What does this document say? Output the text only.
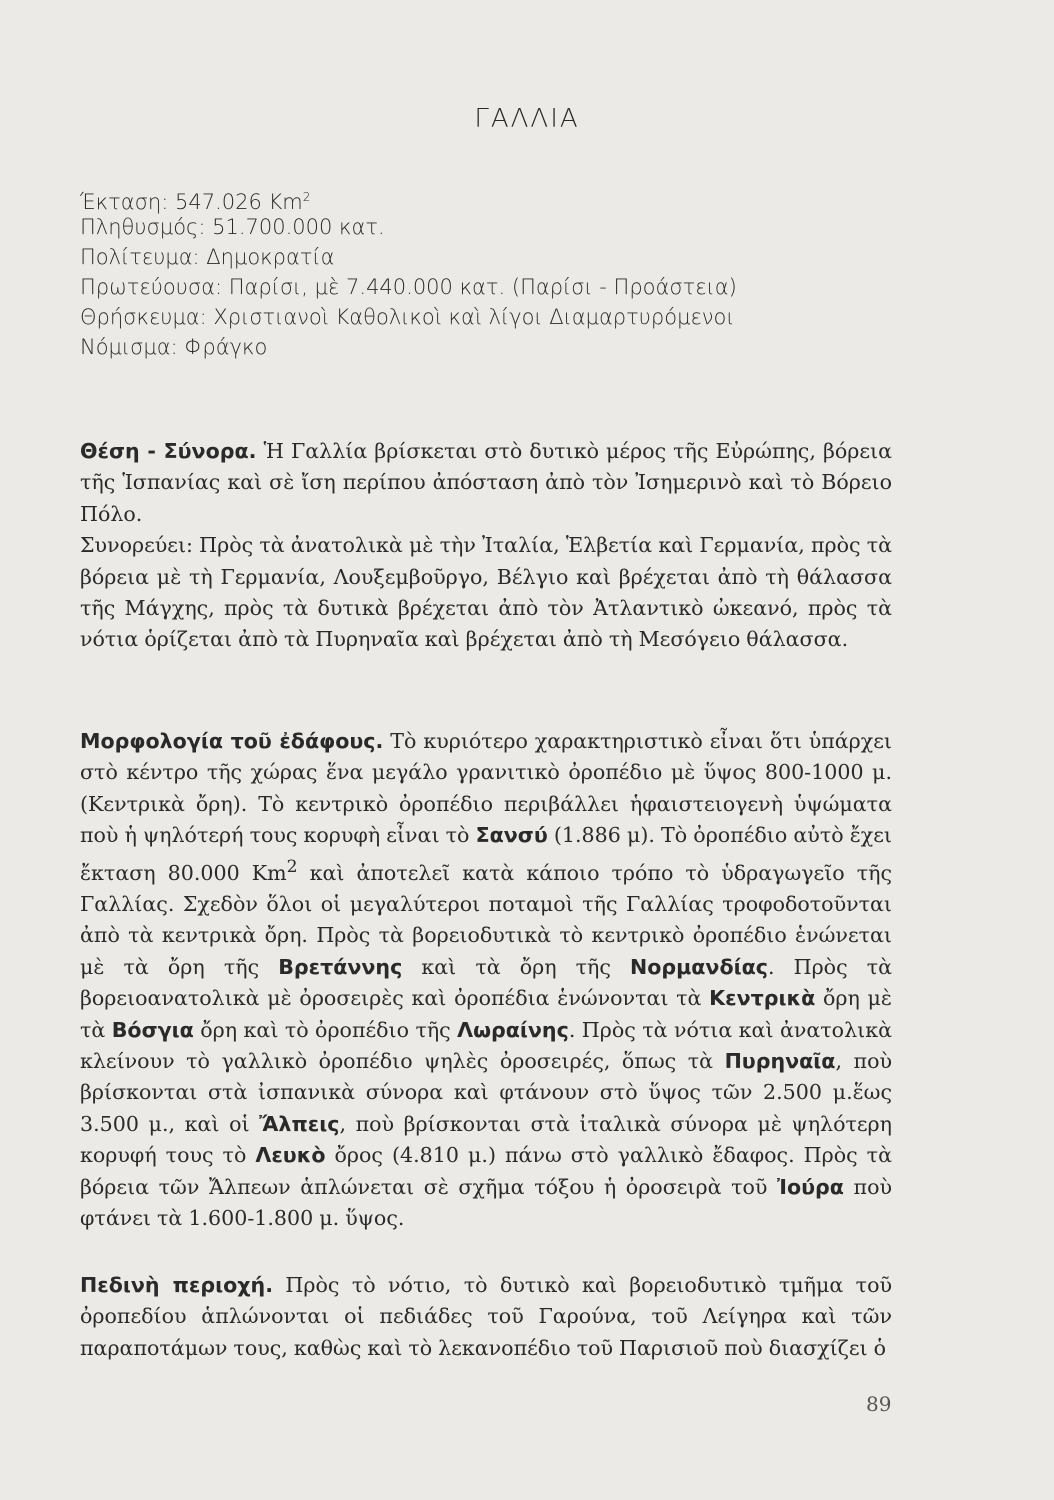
ΓΑΛΛΙΑ
Έκταση: 547.026 Km$^2$
Πληθυσμός: 51.700.000 κατ.
Πολίτευμα: Δημοκρατία
Πρωτεύουσα: Παρίσι, μὲ 7.440.000 κατ. (Παρίσι - Προάστεια)
Θρήσκευμα: Χριστιανοὶ Καθολικοὶ καὶ λίγοι Διαμαρτυρόμενοι
Νόμισμα: Φράγκο

Θέση - Σύνορα. Ἡ Γαλλία βρίσκεται στὸ δυτικὸ μέρος τῆς Εὐρώπης, βόρεια τῆς Ἱσπανίας καὶ σὲ ἴση περίπου ἀπόσταση ἀπὸ τὸν Ἰσημερινὸ καὶ τὸ Βόρειο Πόλο.

Συνορεύει: Πρὸς τὰ ἀνατολικὰ μὲ τὴν Ἰταλία, Ἑλβετία καὶ Γερμανία, πρὸς τὰ βόρεια μὲ τὴ Γερμανία, Λουξεμβοῦργο, Βέλγιο καὶ βρέχεται ἀπὸ τὴ θάλασσα τῆς Μάγχης, πρὸς τὰ δυτικὰ βρέχεται ἀπὸ τὸν Ἀτλαντικὸ ὠκεανό, πρὸς τὰ νότια ὁρίζεται ἀπὸ τὰ Πυρηναῖα καὶ βρέχεται ἀπὸ τὴ Μεσόγειο θάλασσα.

Μορφολογία τοῦ ἐδάφους. Τὸ κυριότερο χαρακτηριστικὸ εἶναι ὅτι ὑπάρχει στὸ κέντρο τῆς χώρας ἕνα μεγάλο γρανιτικὸ ὀροπέδιο μὲ ὕψος 800-1000 μ. (Κεντρικὰ ὄρη). Τὸ κεντρικὸ ὀροπέδιο περιβάλλει ἡφαιστειογενὴ ὑψώματα ποὺ ἡ ψηλότερή τους κορυφὴ εἶναι τὸ Σανσύ (1.886 μ). Τὸ ὀροπέδιο αὐτὸ ἔχει ἔκταση 80.000 Km$^2$ καὶ ἀποτελεῖ κατὰ κάποιο τρόπο τὸ ὑδραγωγεῖο τῆς Γαλλίας. Σχεδὸν ὅλοι οἱ μεγαλύτεροι ποταμοὶ τῆς Γαλλίας τροφοδοτοῦνται ἀπὸ τὰ κεντρικὰ ὄρη. Πρὸς τὰ βορειοδυτικὰ τὸ κεντρικὸ ὀροπέδιο ἑνώνεται μὲ τὰ ὄρη τῆς Βρετάννης καὶ τὰ ὄρη τῆς Νορμανδίας. Πρὸς τὰ βορειοανατολικὰ μὲ ὀροσειρὲς καὶ ὀροπέδια ἑνώνονται τὰ Κεντρικὰ ὄρη μὲ τὰ Βόσγια ὄρη καὶ τὸ ὀροπέδιο τῆς Λωραίνης. Πρὸς τὰ νότια καὶ ἀνατολικὰ κλείνουν τὸ γαλλικὸ ὀροπέδιο ψηλὲς ὀροσειρές, ὅπως τὰ Πυρηναῖα, ποὺ βρίσκονται στὰ ἰσπανικὰ σύνορα καὶ φτάνουν στὸ ὕψος τῶν 2.500 μ.ἕως 3.500 μ., καὶ οἱ Ἄλπεις, ποὺ βρίσκονται στὰ ἰταλικὰ σύνορα μὲ ψηλότερη κορυφή τους τὸ Λευκὸ ὄρος (4.810 μ.) πάνω στὸ γαλλικὸ ἔδαφος. Πρὸς τὰ βόρεια τῶν Ἄλπεων ἁπλώνεται σὲ σχῆμα τόξου ἡ ὀροσειρὰ τοῦ Ἰούρα ποὺ φτάνει τὰ 1.600-1.800 μ. ὕψος.

Πεδινὴ περιοχή. Πρὸς τὸ νότιο, τὸ δυτικὸ καὶ βορειοδυτικὸ τμῆμα τοῦ ὀροπεδίου ἁπλώνονται οἱ πεδιάδες τοῦ Γαρούνα, τοῦ Λείγηρα καὶ τῶν παραποτάμων τους, καθὼς καὶ τὸ λεκανοπέδιο τοῦ Παρισιοῦ ποὺ διασχίζει ὁ

89
